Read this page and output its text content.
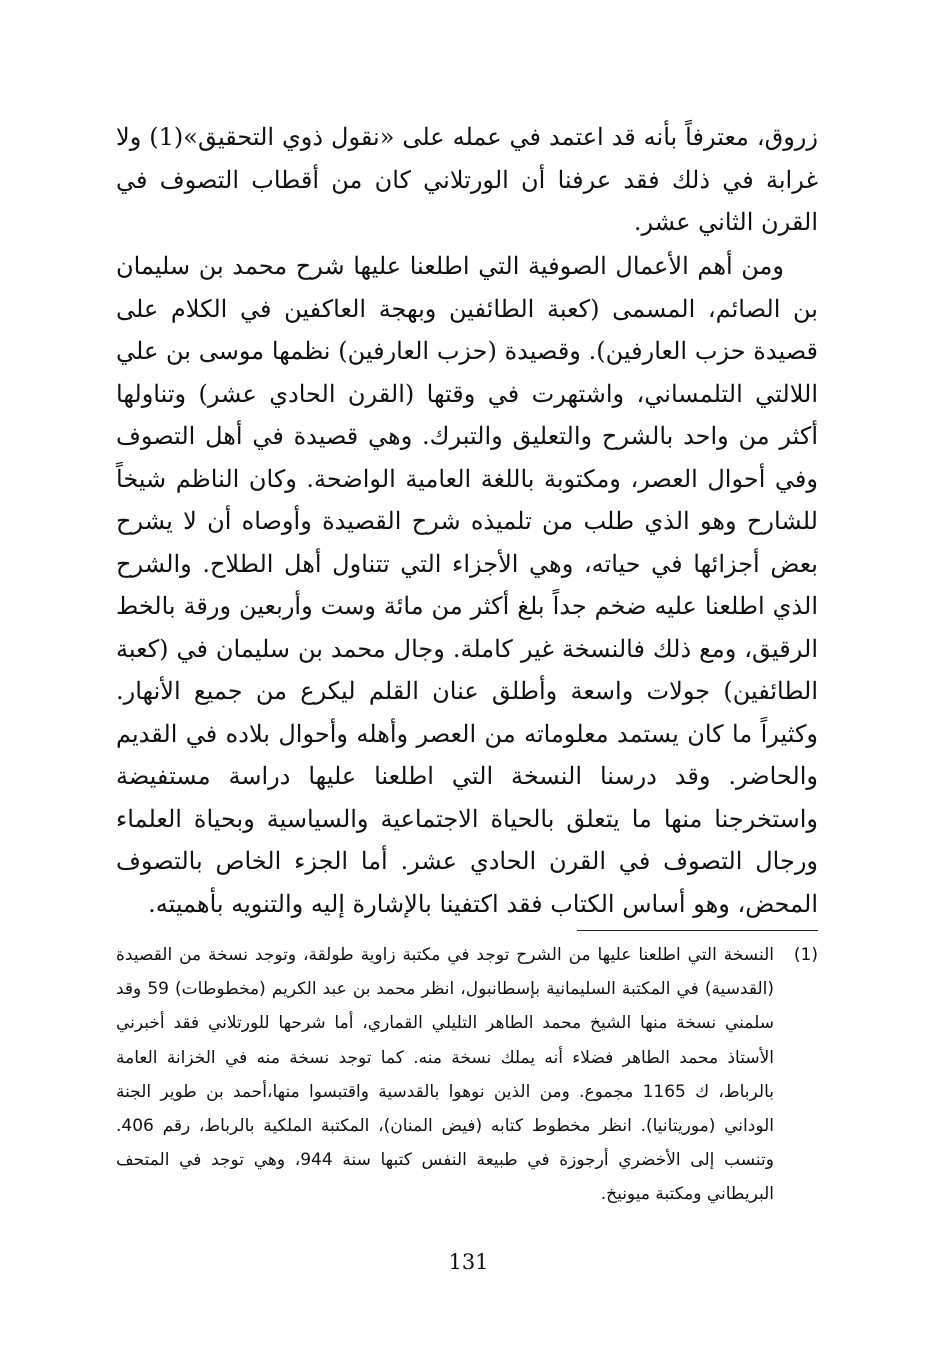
زروق، معترفاً بأنه قد اعتمد في عمله على «نقول ذوي التحقيق»(1) ولا غرابة في ذلك فقد عرفنا أن الورتلاني كان من أقطاب التصوف في القرن الثاني عشر.

ومن أهم الأعمال الصوفية التي اطلعنا عليها شرح محمد بن سليمان بن الصائم، المسمى (كعبة الطائفين وبهجة العاكفين في الكلام على قصيدة حزب العارفين). وقصيدة (حزب العارفين) نظمها موسى بن علي اللالتي التلمساني، واشتهرت في وقتها (القرن الحادي عشر) وتناولها أكثر من واحد بالشرح والتعليق والتبرك. وهي قصيدة في أهل التصوف وفي أحوال العصر، ومكتوبة باللغة العامية الواضحة. وكان الناظم شيخاً للشارح وهو الذي طلب من تلميذه شرح القصيدة وأوصاه أن لا يشرح بعض أجزائها في حياته، وهي الأجزاء التي تتناول أهل الطلاح. والشرح الذي اطلعنا عليه ضخم جداً بلغ أكثر من مائة وست وأربعين ورقة بالخط الرقيق، ومع ذلك فالنسخة غير كاملة. وجال محمد بن سليمان في (كعبة الطائفين) جولات واسعة وأطلق عنان القلم ليكرع من جميع الأنهار. وكثيراً ما كان يستمد معلوماته من العصر وأهله وأحوال بلاده في القديم والحاضر. وقد درسنا النسخة التي اطلعنا عليها دراسة مستفيضة واستخرجنا منها ما يتعلق بالحياة الاجتماعية والسياسية وبحياة العلماء ورجال التصوف في القرن الحادي عشر. أما الجزء الخاص بالتصوف المحض، وهو أساس الكتاب فقد اكتفينا بالإشارة إليه والتنويه بأهميته.

(1)
النسخة التي اطلعنا عليها من الشرح توجد في مكتبة زاوية طولقة، وتوجد نسخة من القصيدة (القدسية) في المكتبة السليمانية بإسطانبول، انظر محمد بن عبد الكريم (مخطوطات) 59 وقد سلمني نسخة منها الشيخ محمد الطاهر التليلي القماري، أما شرحها للورتلاني فقد أخبرني الأستاذ محمد الطاهر فضلاء أنه يملك نسخة منه. كما توجد نسخة منه في الخزانة العامة بالرباط، ك 1165 مجموع. ومن الذين نوهوا بالقدسية واقتبسوا منها،أحمد بن طوير الجنة الوداني (موريتانيا). انظر مخطوط كتابه (فيض المنان)، المكتبة الملكية بالرباط، رقم 406. وتنسب إلى الأخضري أرجوزة في طبيعة النفس كتبها سنة 944، وهي توجد في المتحف البريطاني ومكتبة ميونيخ.
131
